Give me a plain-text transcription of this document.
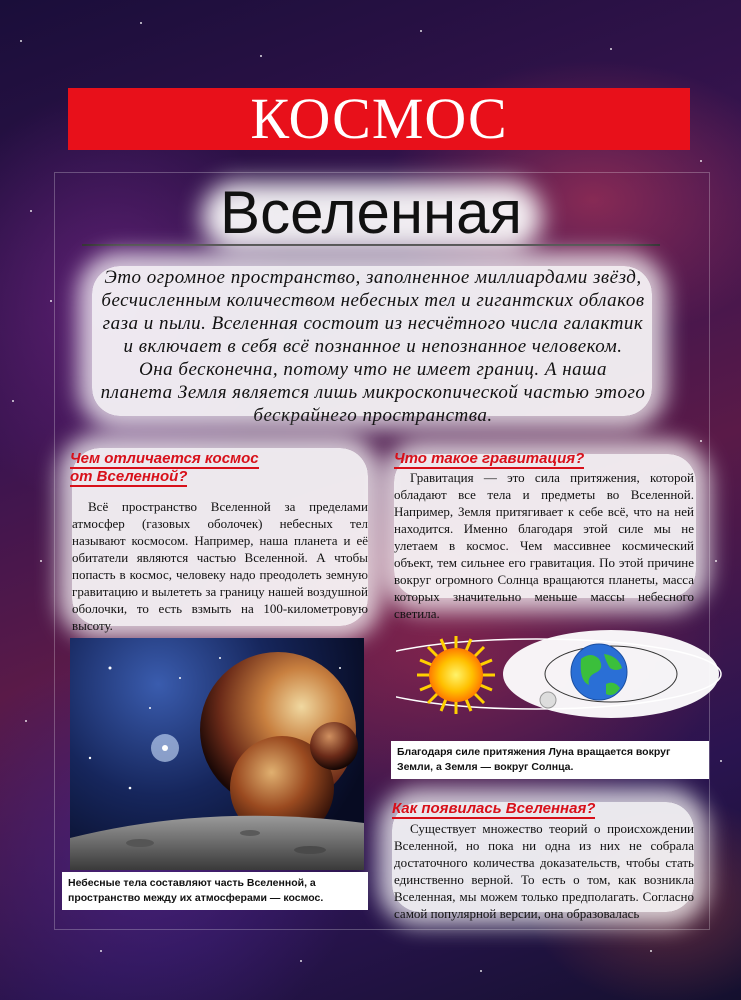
КОСМОС
Вселенная

Это огромное пространство, заполненное миллиардами звёзд,

бесчисленным количеством небесных тел и гигантских облаков

газа и пыли. Вселенная состоит из несчётного числа галактик

и включает в себя всё познанное и непознанное человеком.

Она бесконечна, потому что не имеет границ. А наша

планета Земля является лишь микроскопической частью этого

бескрайнего пространства.

Чем отличается космос
от Вселенной?

Всё пространство Вселенной за пределами атмосфер (газовых оболочек) небесных тел называют космосом. Например, наша планета и её обитатели являются частью Вселенной. А чтобы попасть в космос, человеку надо преодолеть земную гравитацию и вылететь за границу нашей воздушной оболочки, то есть взмыть на 100-километровую высоту.

Что такое гравитация?

Гравитация — это сила притяжения, которой обладают все тела и предметы во Вселенной. Например, Земля притягивает к себе всё, что на ней находится. Именно благодаря этой силе мы не улетаем в космос. Чем массивнее космический объект, тем сильнее его гравитация. По этой причине вокруг огромного Солнца вращаются планеты, масса которых значительно меньше массы небесного светила.

Благодаря силе притяжения Луна вращается вокруг Земли, а Земля — вокруг Солнца.
Как появилась Вселенная?

Существует множество теорий о происхождении Вселенной, но пока ни одна из них не собрала достаточного количества доказательств, чтобы стать единственно верной. То есть о том, как возникла Вселенная, мы можем только предполагать. Согласно самой популярной версии, она образовалась

Небесные тела составляют часть Вселенной, а пространство между их атмосферами — космос.
